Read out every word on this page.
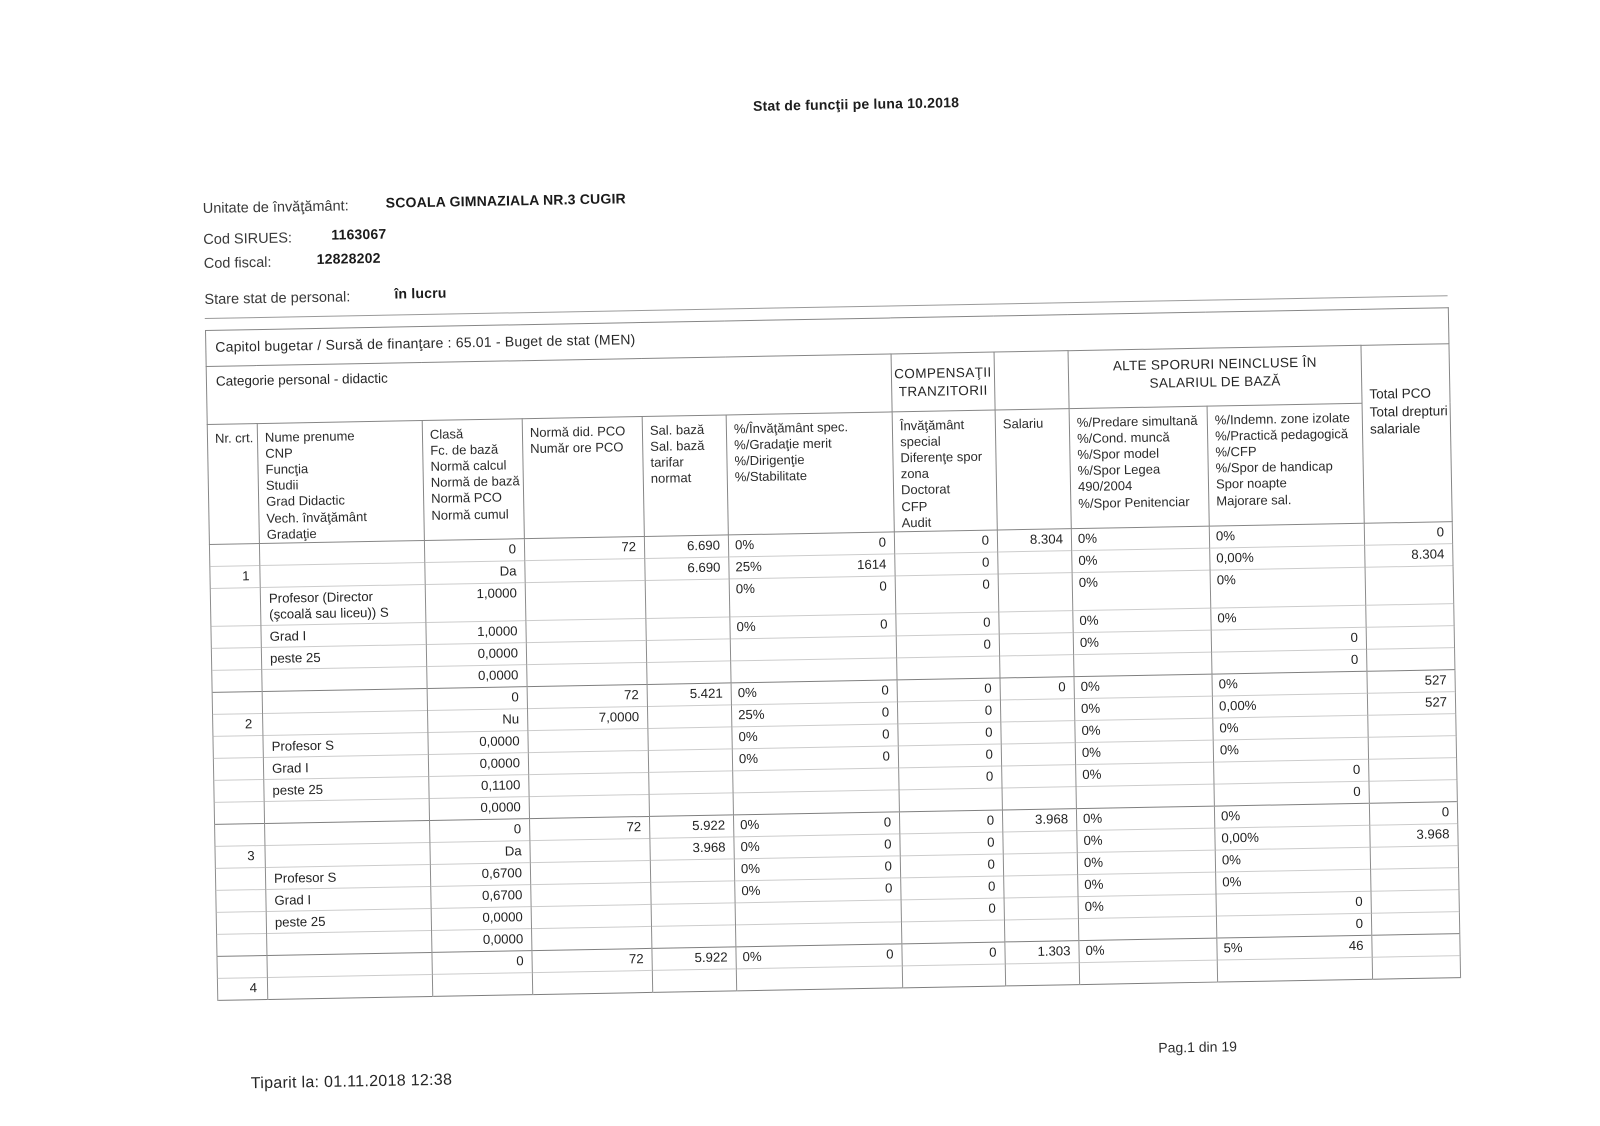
Stat de funcţii pe luna 10.2018
Unitate de învăţământ:	SCOALA GIMNAZIALA NR.3 CUGIR
Cod SIRUES:	1163067
Cod fiscal:	12828202
Stare stat de personal:	în lucru
Capitol bugetar / Sursă de finanţare : 65.01 - Buget de stat (MEN)										
Categorie personal - didactic						COMPENSAŢII TRANZITORII		ALTE SPORURI NEINCLUSE ÎN SALARIUL DE BAZĂ		Total PCO
Total drepturi
salariale
Nr. crt.	Nume prenume
CNP
Funcţia
Studii
Grad Didactic
Vech. învăţământ
Gradaţie	Clasă
Fc. de bază
Normă calcul
Normă de bază
Normă PCO
Normă cumul	Normă did. PCO
Număr ore PCO	Sal. bază
Sal. bază
tarifar normat	%/Învăţământ spec.
%/Gradaţie merit
%/Dirigenţie
%/Stabilitate	Învăţământ
special
Diferenţe spor
zona
Doctorat
CFP
Audit	Salariu	%/Predare simultană
%/Cond. muncă
%/Spor model
%/Spor Legea 490/2004
%/Spor Penitenciar	%/Indemn. zone izolate
%/Practică pedagogică
%/CFP
%/Spor de handicap
Spor noapte
Majorare sal.
		0	72	6.690	0% 0	0	8.304	0%	0%	0
1		Da		6.690	25% 1614	0		0%	0,00%	8.304
	Profesor (Director (şcoală sau liceu)) S	1,0000			0% 0	0		0%	0%	

	Grad I	1,0000			0% 0	0		0%	0%	

	peste 25	0,0000				0		0%	0	

		0,0000							0	

		0	72	5.421	0% 0	0	0	0%	0%	527
2		Nu	7,0000		25% 0	0		0%	0,00%	527
	Profesor S	0,0000			0% 0	0		0%	0%	

	Grad I	0,0000			0% 0	0		0%	0%	

	peste 25	0,1100				0		0%	0	

		0,0000							0	

		0	72	5.922	0% 0	0	3.968	0%	0%	0
3		Da		3.968	0% 0	0		0%	0,00%	3.968
	Profesor S	0,6700			0% 0	0		0%	0%	

	Grad I	0,6700			0% 0	0		0%	0%	

	peste 25	0,0000				0		0%	0	

		0,0000							0	

		0	72	5.922	0% 0	0	1.303	0%	5% 46	

4					

Pag.1 din 19
Tiparit la: 01.11.2018 12:38
